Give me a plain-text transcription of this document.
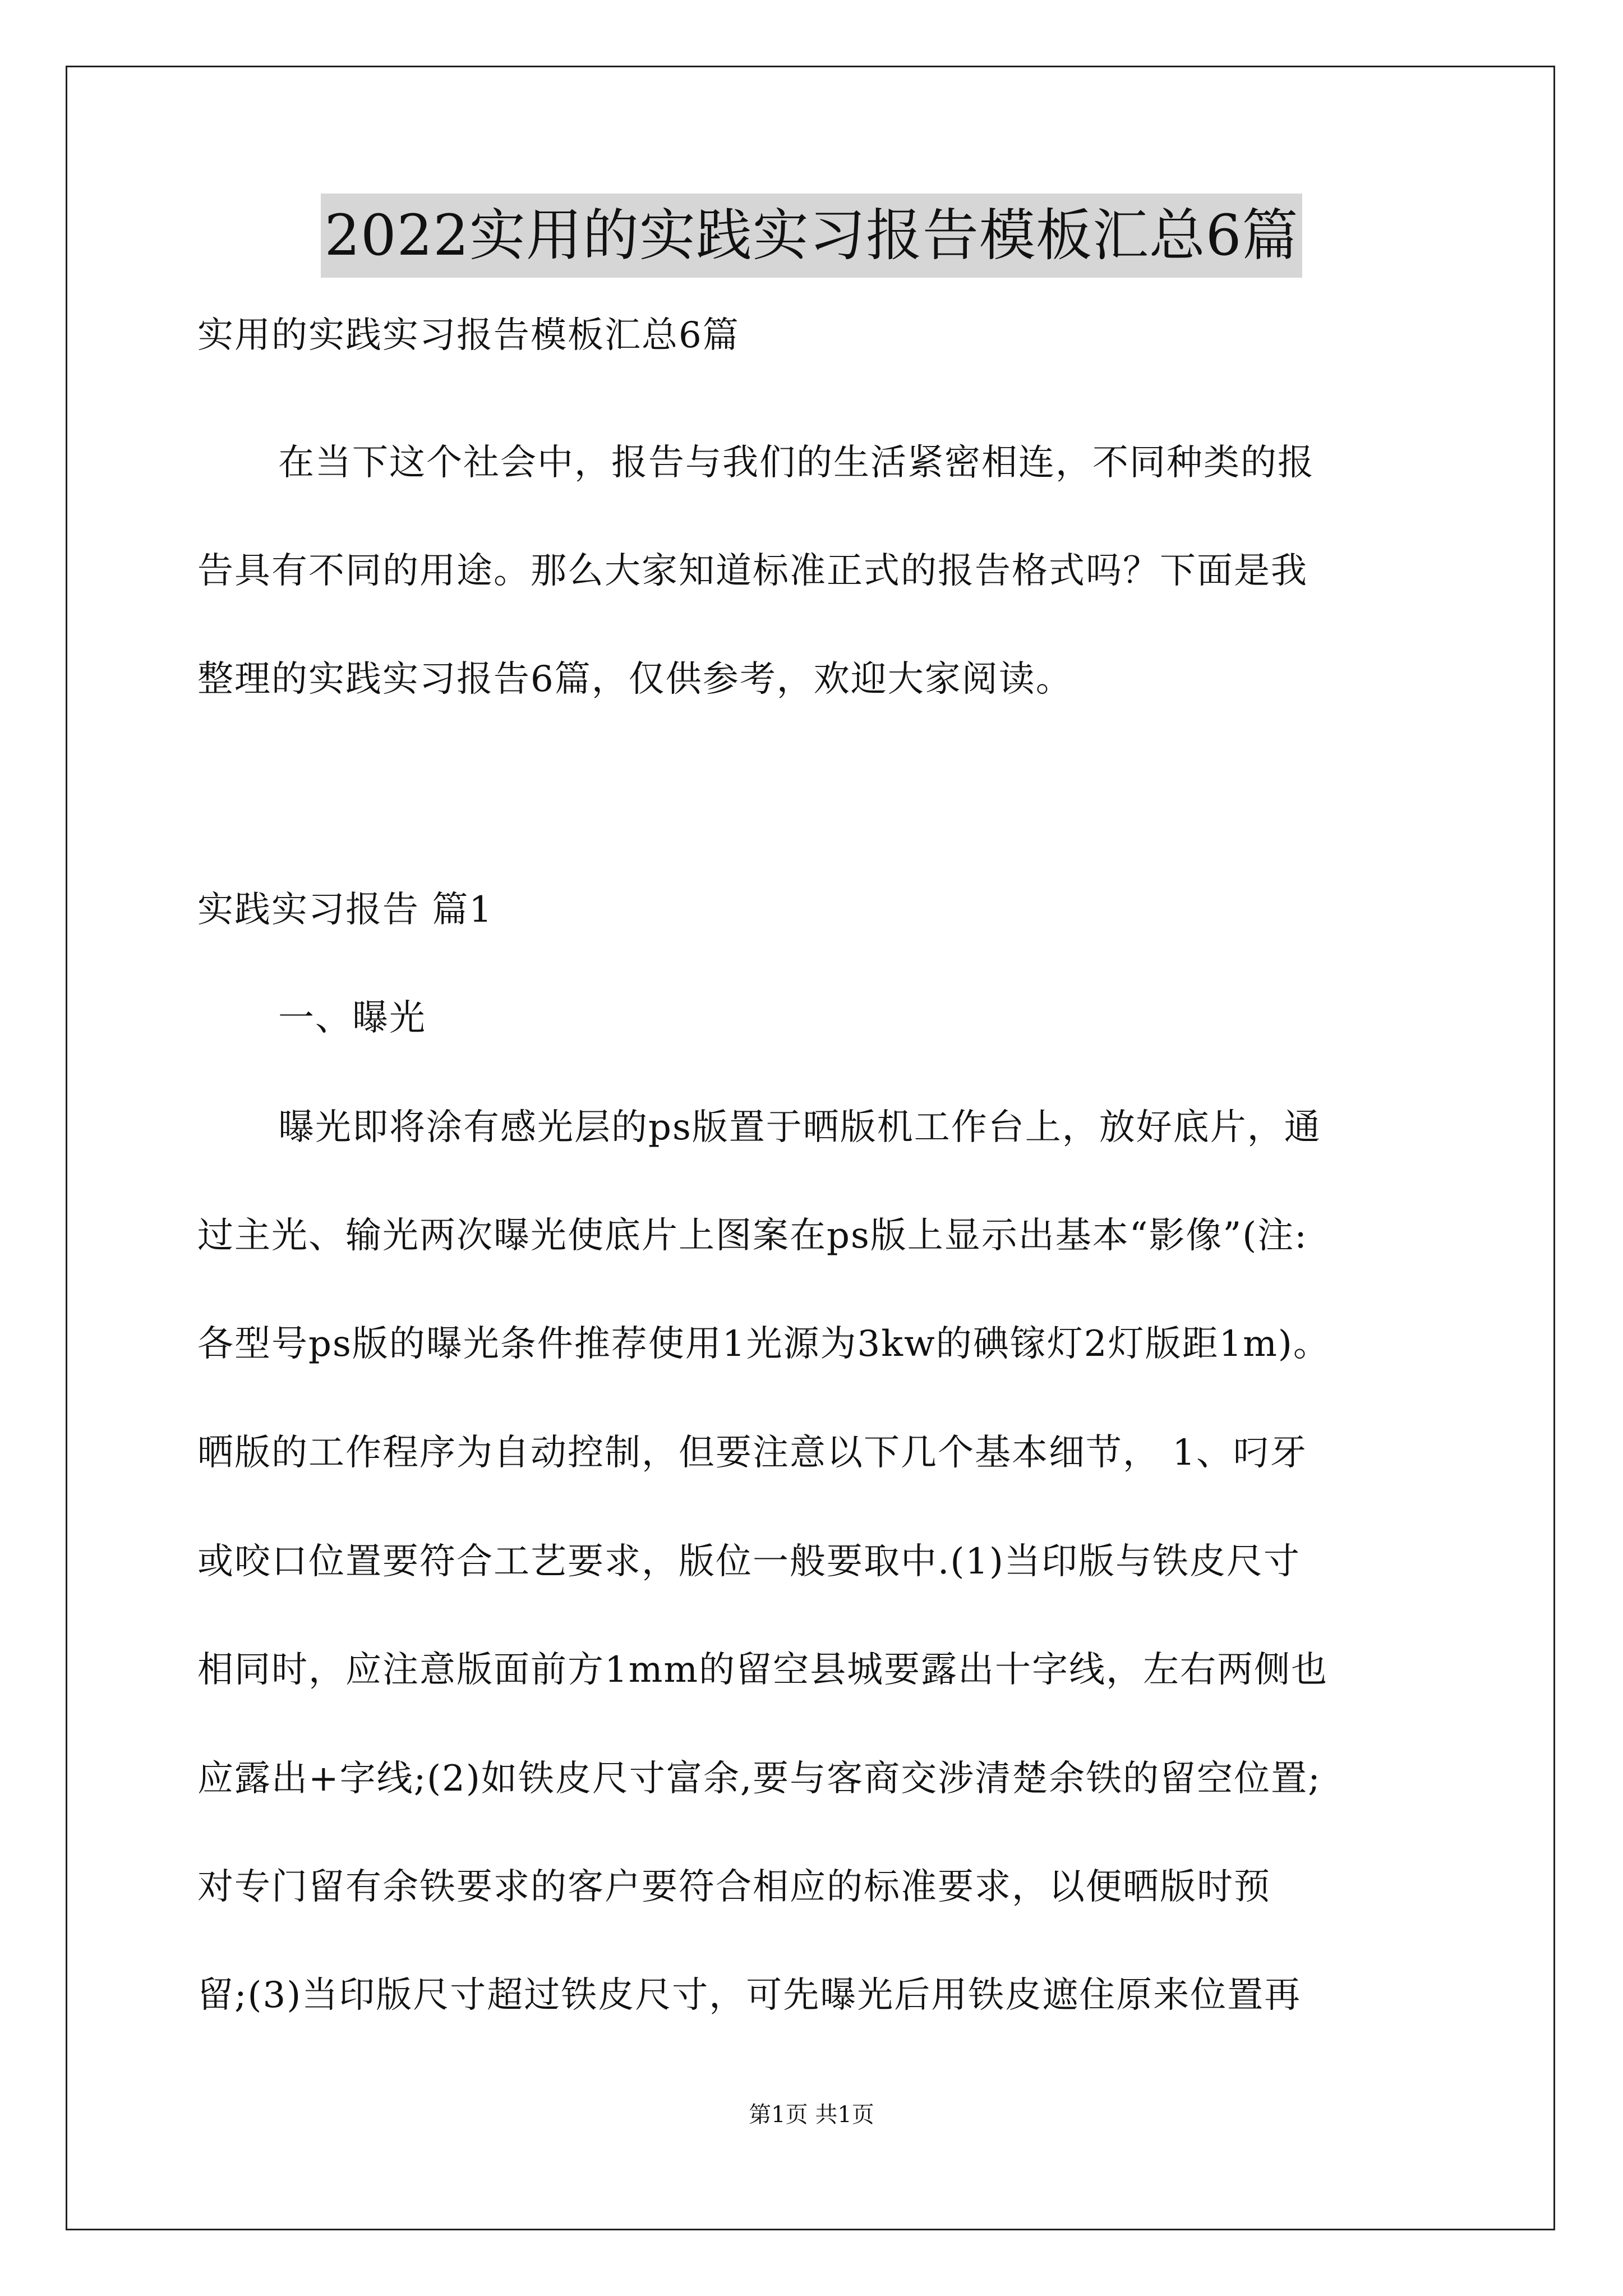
2022实用的实践实习报告模板汇总6篇
实用的实践实习报告模板汇总6篇
在当下这个社会中，报告与我们的生活紧密相连，不同种类的报
告具有不同的用途。那么大家知道标准正式的报告格式吗？下面是我
整理的实践实习报告6篇，仅供参考，欢迎大家阅读。
实践实习报告 篇1
一、曝光
曝光即将涂有感光层的ps版置于晒版机工作台上，放好底片，通
过主光、输光两次曝光使底片上图案在ps版上显示出基本“影像”(注:
各型号ps版的曝光条件推荐使用1光源为3kw的碘镓灯2灯版距1m)。
晒版的工作程序为自动控制，但要注意以下几个基本细节， 1、叼牙
或咬口位置要符合工艺要求，版位一般要取中.(1)当印版与铁皮尺寸
相同时，应注意版面前方1mm的留空县城要露出十字线，左右两侧也
应露出+字线;(2)如铁皮尺寸富余,要与客商交涉清楚余铁的留空位置;
对专门留有余铁要求的客户要符合相应的标准要求，以便晒版时预
留;(3)当印版尺寸超过铁皮尺寸，可先曝光后用铁皮遮住原来位置再
第1页 共1页
